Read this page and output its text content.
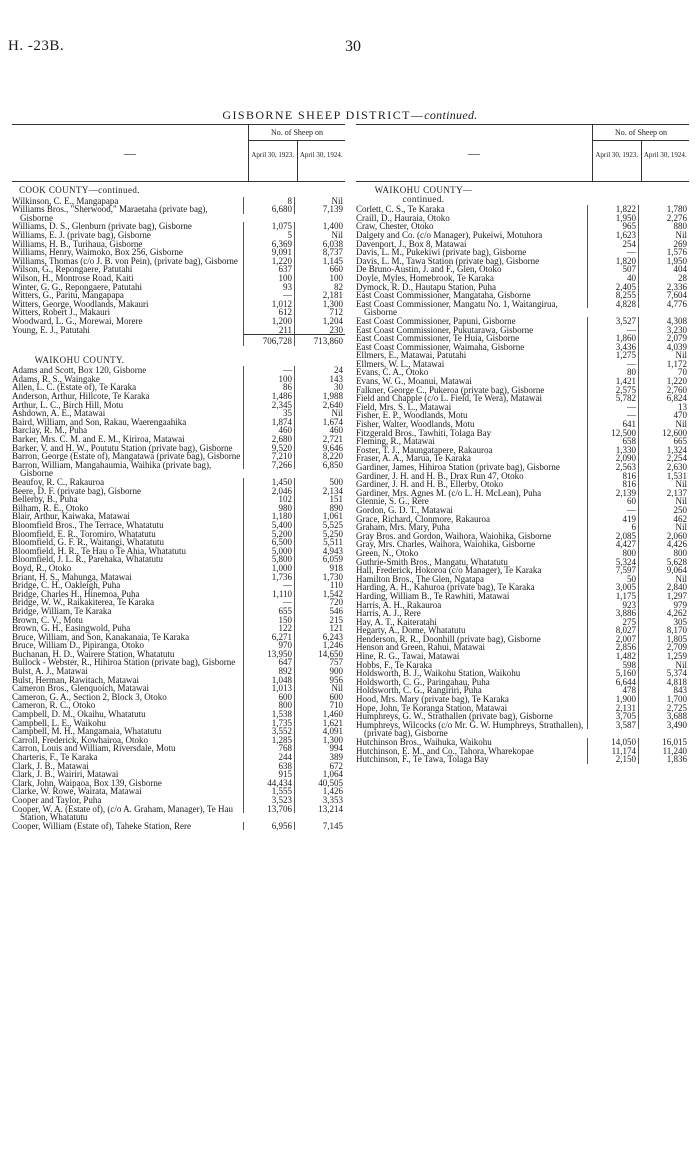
H. -23B.	30
GISBORNE SHEEP DISTRICT—continued.
—
No. of Sheep on
April 30, 1923. April 30, 1924.
COOK COUNTY—continued.
Wilkinson, C. E., Mangapapa	8	Nil
Williams Bros., "Sherwood," Maraetaha (private bag), Gisborne
6,680	7,139
Williams, D. S., Glenburn (private bag), Gisborne	1,075	1,400
Williams, E. J. (private bag), Gisborne	5	Nil
Williams, H. B., Turihaua, Gisborne	6,369	6,038
Williams, Henry, Waimoko, Box 256, Gisborne	9,091	8,737
Williams, Thomas (c/o J. B. von Pein), (private bag), Gisborne	1,220	1,145
Wilson, G., Repongaere, Patutahi	637	660
Wilson, H., Montrose Road, Kaiti	100	100
Winter, G. G., Repongaere, Patutahi	93	82
Witters, G., Paritu, Mangapapa	—	2,181
Witters, George, Woodlands, Makauri	1,012	1,300
Witters, Robert J., Makauri	612	712
Woodward, L. G., Morewai, Morere	1,200	1,204
Young, E. J., Patutahi	211	230
706,728	713,860
WAIKOHU COUNTY.
Adams and Scott, Box 120, Gisborne	—	24
Adams, R. S., Waingake	100	143
Allen, L. C. (Estate of), Te Karaka	86	30
Anderson, Arthur, Hillcote, Te Karaka	1,486	1,988
Arthur, L. C., Birch Hill, Motu	2,345	2,640
Ashdown, A. E., Matawai	35	Nil
Baird, William, and Son, Rakau, Waerengaahika	1,874	1,674
Barclay, R. M., Puha	460	460
Barker, Mrs. C. M. and E. M., Kiriroa, Matawai	2,680	2,721
Barker, V. and H. W., Poututu Station (private bag), Gisborne	9,520	9,646
Barron, George (Estate of), Mangatawa (private bag), Gisborne	7,210	8,220
Barron, William, Mangahaumia, Waihika (private bag), Gisborne
7,266	6,850
Beaufoy, R. C., Rakauroa	1,450	500
Beere, D. F. (private bag), Gisborne	2,046	2,134
Bellerby, B., Puha	102	151
Bilham, R. E., Otoko	980	890
Blair, Arthur, Kaiwaka, Matawai	1,180	1,061
Bloomfield Bros., The Terrace, Whatatutu	5,400	5,525
Bloomfield, E. R., Toromiro, Whatatutu	5,200	5,250
Bloomfield, G. F. R., Waitangi, Whatatutu	6,500	5,511
Bloomfield, H. R., Te Hau o Te Ahia, Whatatutu	5,000	4,943
Bloomfield, J. L. R., Parehaka, Whatatutu	5,800	6,059
Boyd, R., Otoko	1,000	918
Briant, H. S., Mahunga, Matawai	1,736	1,730
Bridge, C. H., Oakleigh, Puha	—	110
Bridge, Charles H., Hinemoa, Puha	1,110	1,542
Bridge, W. W., Raikakiterea, Te Karaka	—	720
Bridge, William, Te Karaka	655	546
Brown, C. V., Motu	150	215
Brown, G. H., Easingwold, Puha	122	121
Bruce, William, and Son, Kanakanaia, Te Karaka	6,271	6,243
Bruce, William D., Pipiranga, Otoko	970	1,246
Buchanan, H. D., Wairere Station, Whatatutu	13,950	14,650
Bullock - Webster, R., Hihiroa Station (private bag), Gisborne	647	757
Bulst, A. J., Matawai	892	900
Bulst, Herman, Rawitach, Matawai	1,048	956
Cameron Bros., Glenquoich, Matawai	1,013	Nil
Cameron, G. A., Section 2, Block 3, Otoko	600	600
Cameron, R. C., Otoko	800	710
Campbell, D. M., Okaihu, Whatatutu	1,538	1,460
Campbell, L. E., Waikohu	1,735	1,621
Campbell, M. H., Mangamaia, Whatatutu	3,552	4,091
Carroll, Frederick, Kowhairoa, Otoko	1,285	1,300
Carron, Louis and William, Riversdale, Motu	768	994
Charteris, F., Te Karaka	244	389
Clark, J. B., Matawai	638	672
Clark, J. B., Wairiri, Matawai	915	1,064
Clark, John, Waipaoa, Box 139, Gisborne	44,434	40,505
Clarke, W. Rowe, Wairata, Matawai	1,555	1,426
Cooper and Taylor, Puha	3,523	3,353
Cooper, W. A. (Estate of), (c/o A. Graham, Manager), Te Hau Station, Whatatutu
13,706	13,214
Cooper, William (Estate of), Taheke Station, Rere	6,956	7,145
—
No. of Sheep on
April 30, 1923. April 30, 1924.
WAIKOHU COUNTY—continued.
Corlett, C. S., Te Karaka	1,822	1,780
Craill, D., Hauraia, Otoko	1,950	2,276
Craw, Chester, Otoko	965	880
Dalgety and Co. (c/o Manager), Pukeiwi, Motuhora	1,623	Nil
Davenport, J., Box 8, Matawai	254	269
Davis, L. M., Pukekiwi (private bag), Gisborne	—	1,576
Davis, L. M., Tawa Station (private bag), Gisborne	1,820	1,950
De Bruno-Austin, J. and F., Glen, Otoko	507	404
Doyle, Myles, Homebrook, Te Karaka	40	28
Dymock, R. D., Hautapu Station, Puha	2,405	2,336
East Coast Commissioner, Mangataha, Gisborne	8,255	7,604
East Coast Commissioner, Mangatu No. 1, Waitangirua, Gisborne
4,828	4,776
East Coast Commissioner, Papuni, Gisborne	3,527	4,308
East Coast Commissioner, Pukutarawa, Gisborne	—	3,230
East Coast Commissioner, Te Huia, Gisborne	1,860	2,079
East Coast Commissioner, Waimaha, Gisborne	3,436	4,039
Ellmers, E., Matawai, Patutahi	1,275	Nil
Ellmers, W. L., Matawai	—	1,172
Evans, C. A., Otoko	80	70
Evans, W. G., Moanui, Matawai	1,421	1,220
Falkner, George C., Pukeroa (private bag), Gisborne	2,575	2,760
Field and Chapple (c/o L. Field, Te Wera), Matawai	5,782	6,824
Field, Mrs. S. L., Matawai	—	13
Fisher, E. P., Woodlands, Motu	—	470
Fisher, Walter, Woodlands, Motu	641	Nil
Fitzgerald Bros., Tawhiti, Tolaga Bay	12,500	12,600
Fleming, R., Matawai	658	665
Foster, T. J., Maungatapere, Rakauroa	1,330	1,324
Fraser, A. A., Marua, Te Karaka	2,090	2,254
Gardiner, James, Hihiroa Station (private bag), Gisborne	2,563	2,630
Gardiner, J. H. and H. B., Drax Run 47, Otoko	816	1,531
Gardiner, J. H. and H. B., Ellerby, Otoko	816	Nil
Gardiner, Mrs. Agnes M. (c/o L. H. McLean), Puha	2,139	2,137
Glennie, S. G., Rere	60	Nil
Gordon, G. D. T., Matawai	—	250
Grace, Richard, Clonmore, Rakauroa	419	462
Graham, Mrs. Mary, Puha	6	Nil
Gray Bros. and Gordon, Waihora, Waiohika, Gisborne	2,085	2,060
Gray, Mrs. Charles, Waihora, Waiohika, Gisborne	4,427	4,426
Green, N., Otoko	800	800
Guthrie-Smith Bros., Mangatu, Whatatutu	5,324	5,628
Hall, Frederick, Hokoroa (c/o Manager), Te Karaka	7,597	9,064
Hamilton Bros., The Glen, Ngatapa	50	Nil
Harding, A. H., Kahuroa (private bag), Te Karaka	3,005	2,840
Harding, William B., Te Rawhiti, Matawai	1,175	1,297
Harris, A. H., Rakauroa	923	979
Harris, A. J., Rere	3,886	4,262
Hay, A. T., Kaiteratahi	275	305
Hegarty, A., Dome, Whatatutu	8,027	8,170
Henderson, R. R., Doonhill (private bag), Gisborne	2,007	1,805
Henson and Green, Rahui, Matawai	2,856	2,709
Hine, R. G., Tawai, Matawai	1,482	1,259
Hobbs, F., Te Karaka	598	Nil
Holdsworth, B. J., Waikohu Station, Waikohu	5,160	5,374
Holdsworth, C. G., Paringahau, Puha	6,644	4,818
Holdsworth, C. G., Rangiriri, Puha	478	843
Hood, Mrs. Mary (private bag), Te Karaka	1,900	1,700
Hope, John, Te Koranga Station, Matawai	2,131	2,725
Humphreys, G. W., Strathallen (private bag), Gisborne	3,705	3,688
Humphreys, Wilcocks (c/o Mr. G. W. Humphreys, Strathallen), (private bag), Gisborne
3,587	3,490
Hutchinson Bros., Waihuka, Waikohu	14,050	16,015
Hutchinson, E. M., and Co., Tahora, Wharekopae	11,174	11,240
Hutchinson, F., Te Tawa, Tolaga Bay	2,150	1,836
